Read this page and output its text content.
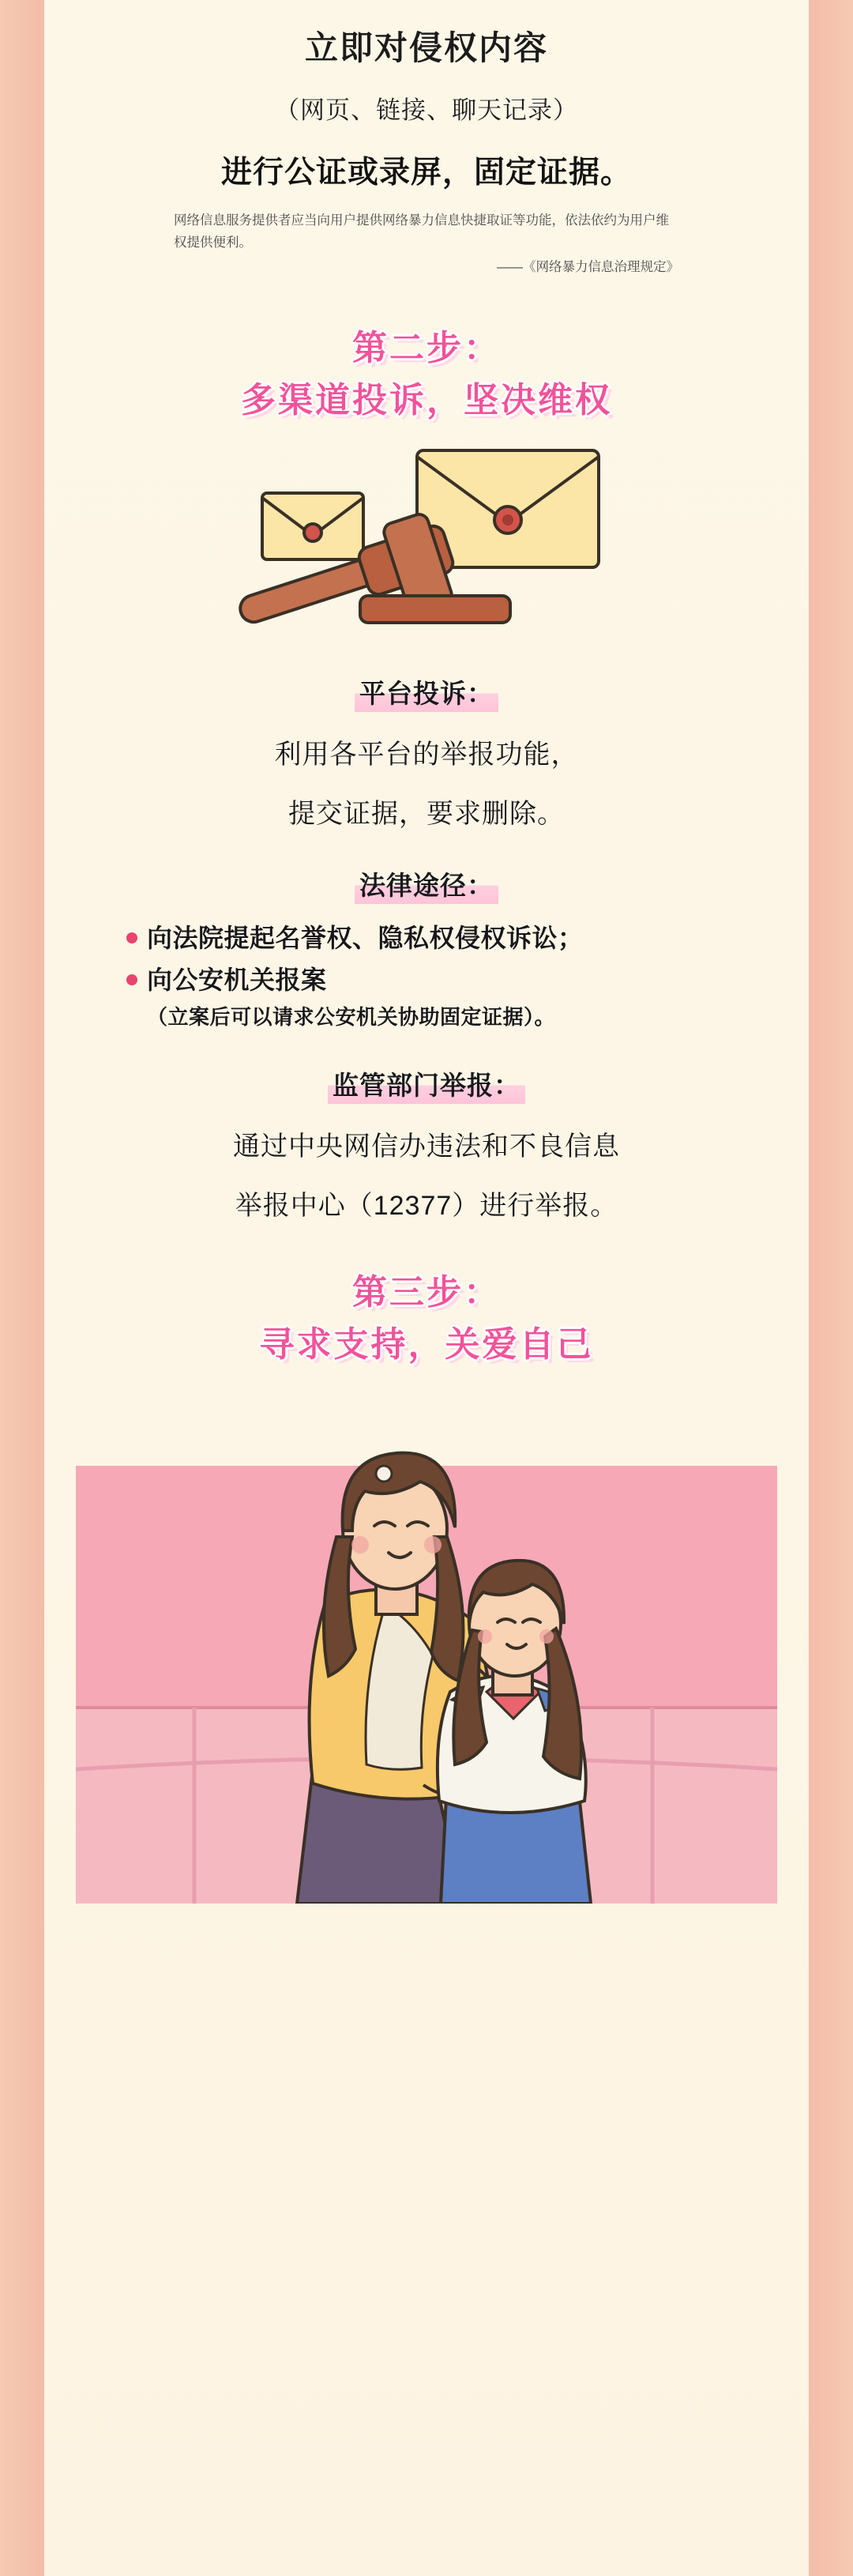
立即对侵权内容
（网页、链接、聊天记录）
进行公证或录屏，固定证据。
网络信息服务提供者应当向用户提供网络暴力信息快捷取证等功能，依法依约为用户维权提供便利。
——《网络暴力信息治理规定》
第二步：
多渠道投诉，坚决维权
平台投诉：
利用各平台的举报功能，
提交证据，要求删除。
法律途径：
向法院提起名誉权、隐私权侵权诉讼；
向公安机关报案
（立案后可以请求公安机关协助固定证据）。
监管部门举报：
通过中央网信办违法和不良信息
举报中心（12377）进行举报。
第三步：
寻求支持，关爱自己
